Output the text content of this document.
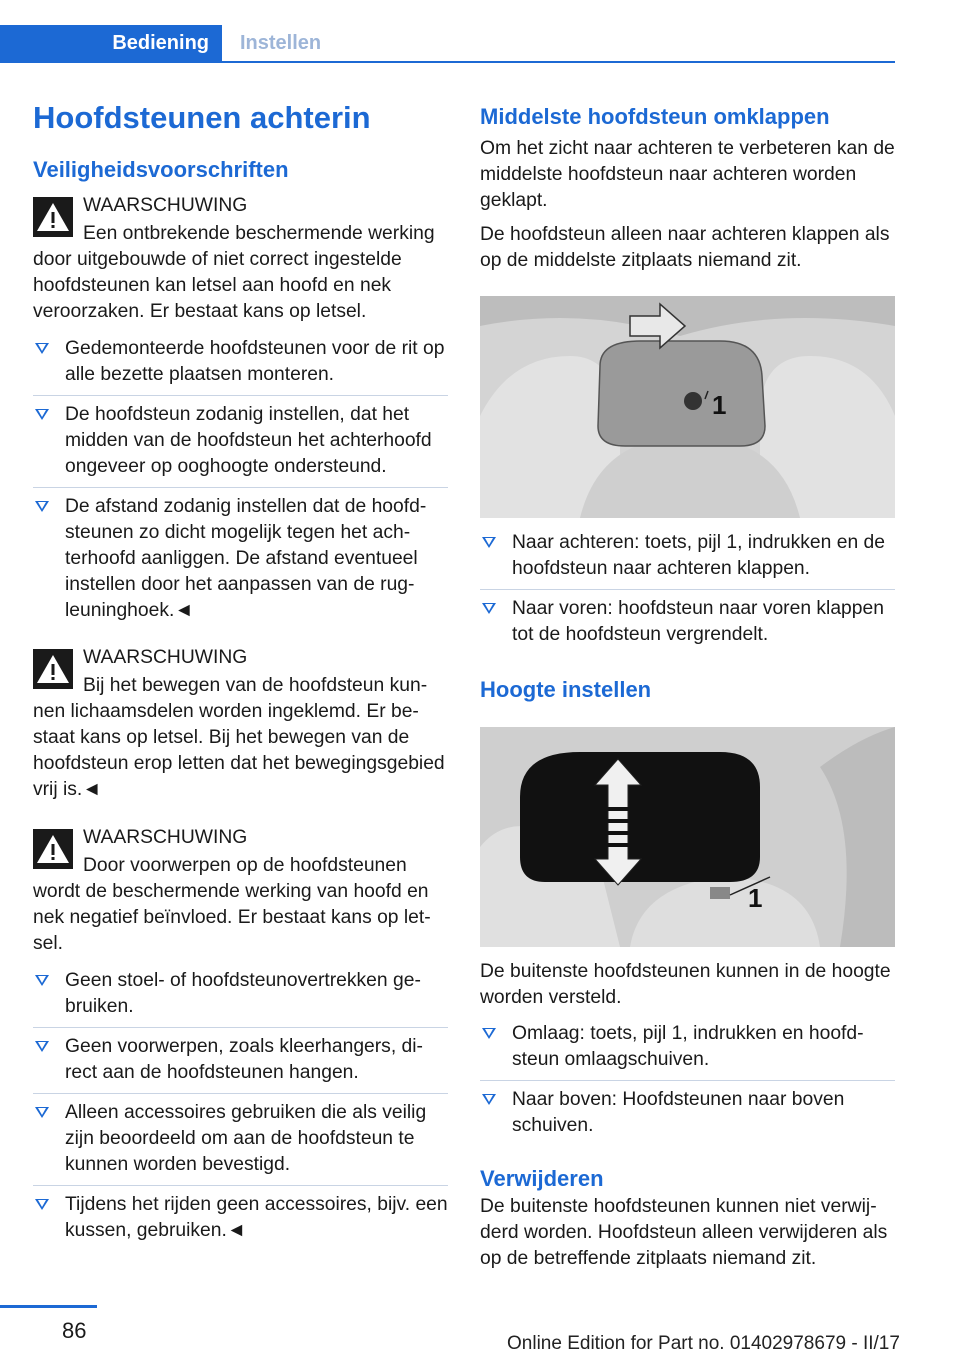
Bediening	Instellen
Hoofdsteunen achterin
Veiligheidsvoorschriften

WAARSCHUWING

Een ontbrekende beschermende werking door uitgebouwde of niet correct ingestelde hoofdsteunen kan letsel aan hoofd en nek veroorzaken. Er bestaat kans op letsel.

Gedemonteerde hoofdsteunen voor de rit op alle bezette plaatsen monteren.
De hoofdsteun zodanig instellen, dat het midden van de hoofdsteun het achterhoofd ongeveer op ooghoogte ondersteund.
De afstand zodanig instellen dat de hoofdsteunen zo dicht mogelijk tegen het achterhoofd aanliggen. De afstand eventueel instellen door het aanpassen van de rugleuninghoek.◄

WAARSCHUWING

Bij het bewegen van de hoofdsteun kunnen lichaamsdelen worden ingeklemd. Er bestaat kans op letsel. Bij het bewegen van de hoofdsteun erop letten dat het bewegingsgebied vrij is.◄

WAARSCHUWING

Door voorwerpen op de hoofdsteunen wordt de beschermende werking van hoofd en nek negatief beïnvloed. Er bestaat kans op letsel.

Geen stoel- of hoofdsteunovertrekken gebruiken.
Geen voorwerpen, zoals kleerhangers, direct aan de hoofdsteunen hangen.
Alleen accessoires gebruiken die als veilig zijn beoordeeld om aan de hoofdsteun te kunnen worden bevestigd.
Tijdens het rijden geen accessoires, bijv. een kussen, gebruiken.◄
Middelste hoofdsteun omklappen

Om het zicht naar achteren te verbeteren kan de middelste hoofdsteun naar achteren worden geklapt.

De hoofdsteun alleen naar achteren klappen als op de middelste zitplaats niemand zit.

1
Naar achteren: toets, pijl 1, indrukken en de hoofdsteun naar achteren klappen.
Naar voren: hoofdsteun naar voren klappen tot de hoofdsteun vergrendelt.
Hoogte instellen
1

De buitenste hoofdsteunen kunnen in de hoogte worden versteld.

Omlaag: toets, pijl 1, indrukken en hoofdsteun omlaagschuiven.
Naar boven: Hoofdsteunen naar boven schuiven.
Verwijderen

De buitenste hoofdsteunen kunnen niet verwijderd worden. Hoofdsteun alleen verwijderen als op de betreffende zitplaats niemand zit.

86
Online Edition for Part no. 01402978679 - II/17
